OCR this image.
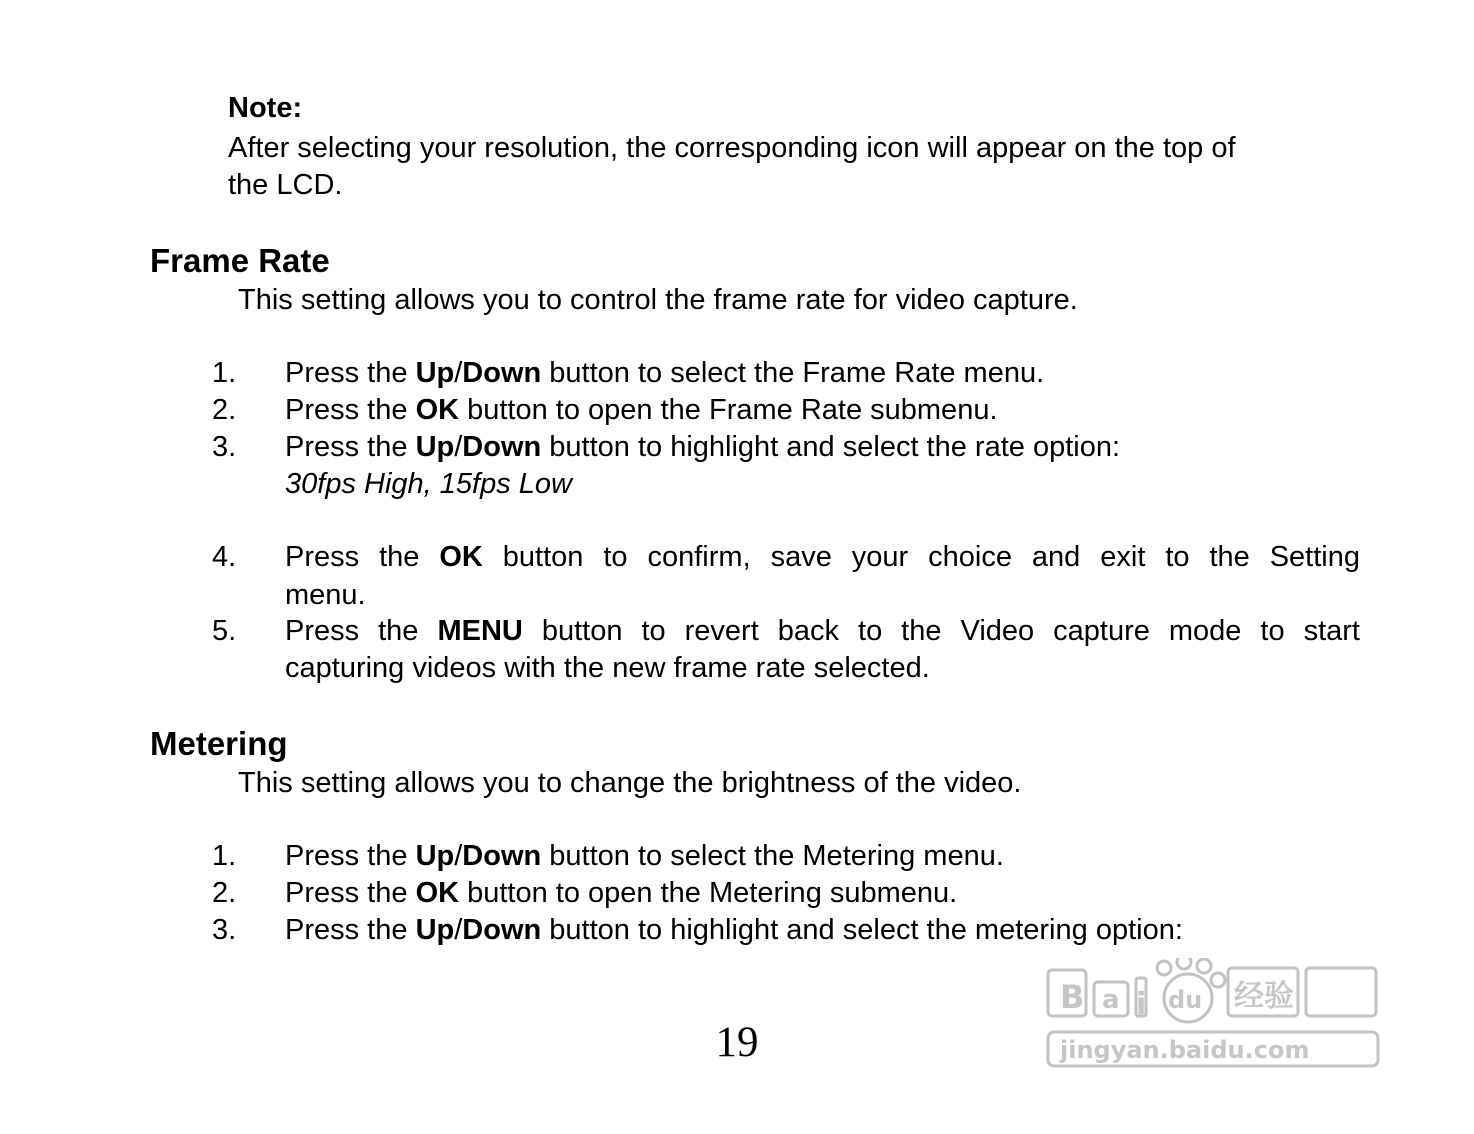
Note:
After selecting your resolution, the corresponding icon will appear on the top of
the LCD.
Frame Rate
This setting allows you to control the frame rate for video capture.
1. Press the Up/Down button to select the Frame Rate menu.
2. Press the OK button to open the Frame Rate submenu.
3. Press the Up/Down button to highlight and select the rate option:
30fps High, 15fps Low
4. Press the OK button to confirm, save your choice and exit to the Setting
menu.
5. Press the MENU button to revert back to the Video capture mode to start
capturing videos with the new frame rate selected.
Metering
This setting allows you to change the brightness of the video.
1. Press the Up/Down button to select the Metering menu.
2. Press the OK button to open the Metering submenu.
3. Press the Up/Down button to highlight and select the metering option:
19
B a i du 经验
jingyan.baidu.com
